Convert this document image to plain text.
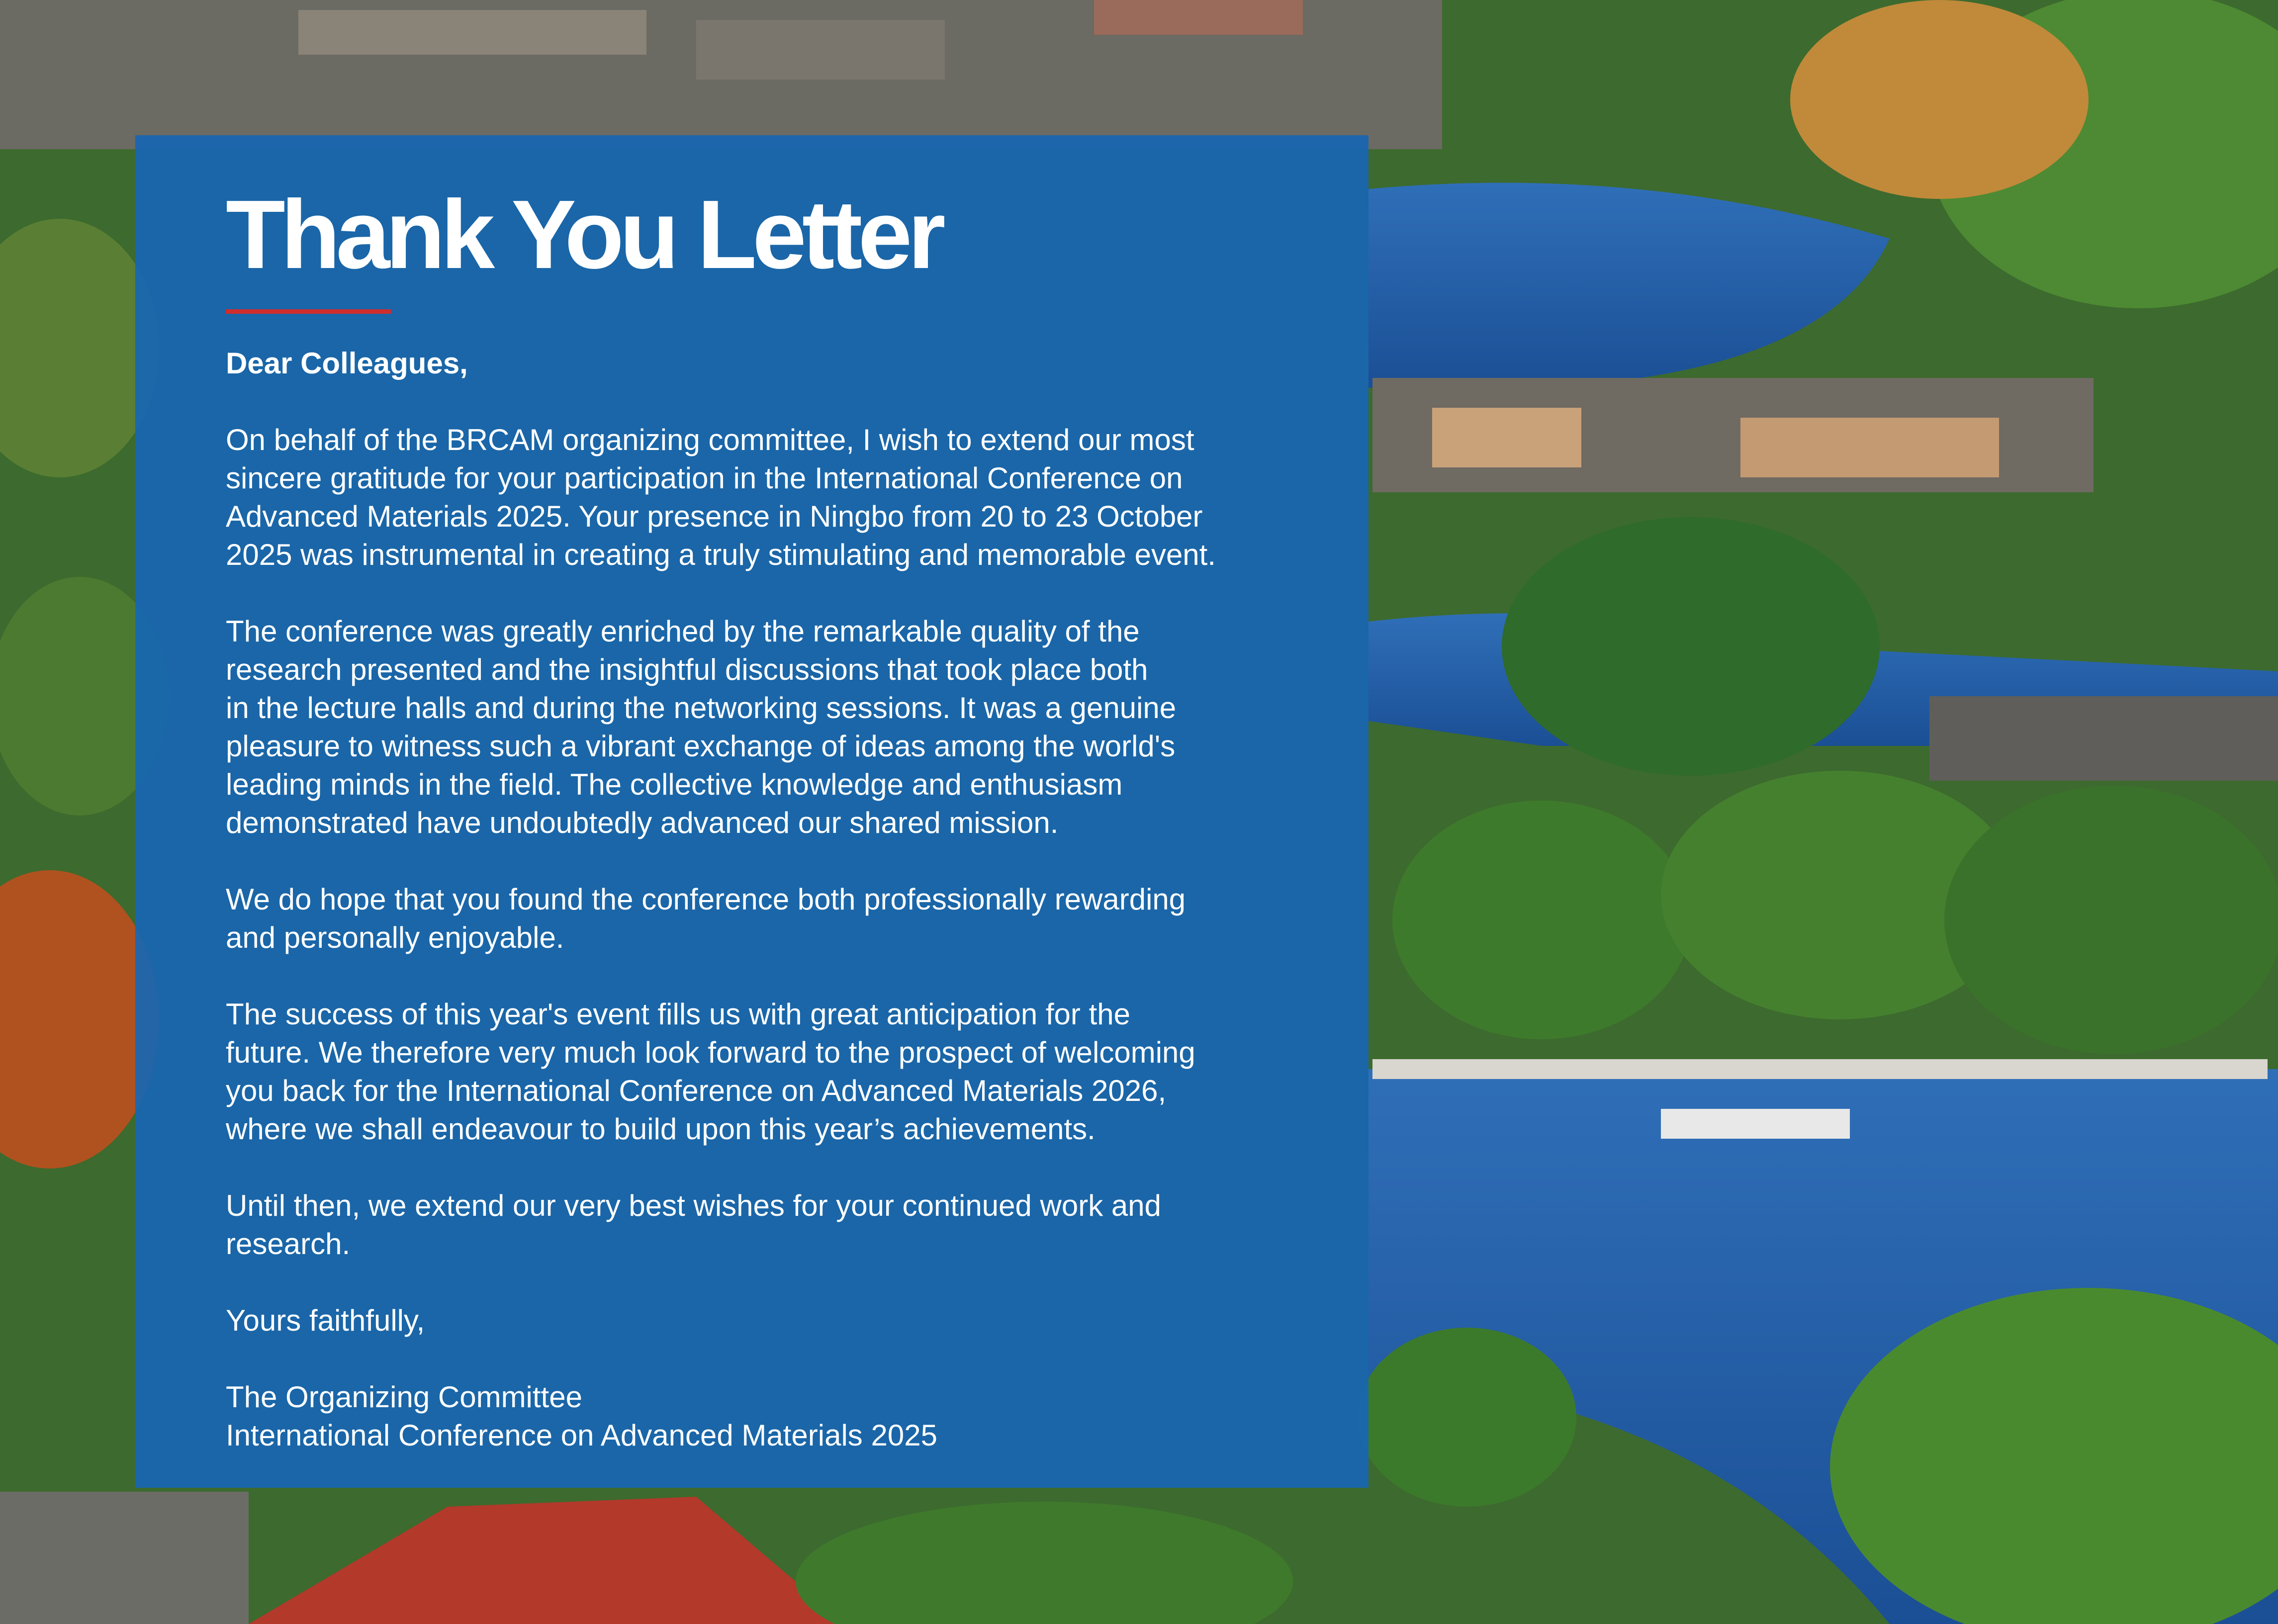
Thank You Letter

Dear Colleagues,

On behalf of the BRCAM organizing committee, I wish to extend our most
sincere gratitude for your participation in the International Conference on
Advanced Materials 2025. Your presence in Ningbo from 20 to 23 October
2025 was instrumental in creating a truly stimulating and memorable event.

The conference was greatly enriched by the remarkable quality of the
research presented and the insightful discussions that took place both
in the lecture halls and during the networking sessions. It was a genuine
pleasure to witness such a vibrant exchange of ideas among the world's
leading minds in the field. The collective knowledge and enthusiasm
demonstrated have undoubtedly advanced our shared mission.

We do hope that you found the conference both professionally rewarding
and personally enjoyable.

The success of this year's event fills us with great anticipation for the
future. We therefore very much look forward to the prospect of welcoming
you back for the International Conference on Advanced Materials 2026,
where we shall endeavour to build upon this year’s achievements.

Until then, we extend our very best wishes for your continued work and
research.

Yours faithfully,

The Organizing Committee
International Conference on Advanced Materials 2025
